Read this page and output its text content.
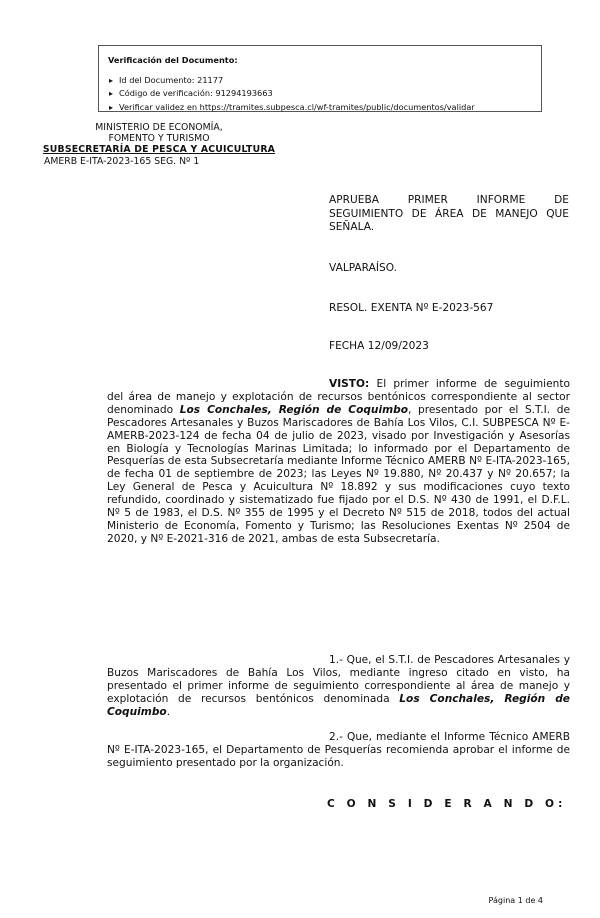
Verificación del Documento:
▸ Id del Documento: 21177
▸ Código de verificación: 91294193663
▸ Verificar validez en https://tramites.subpesca.cl/wf-tramites/public/documentos/validar
MINISTERIO DE ECONOMÍA,
FOMENTO Y TURISMO
SUBSECRETARÍA DE PESCA Y ACUICULTURA
AMERB E-ITA-2023-165 SEG. Nº 1
APRUEBA PRIMER INFORME DE SEGUIMIENTO DE ÁREA DE MANEJO QUE SEÑALA.
VALPARAÍSO.
RESOL. EXENTA Nº E-2023-567
FECHA 12/09/2023
VISTO: El primer informe de seguimiento del área de manejo y explotación de recursos bentónicos correspondiente al sector denominado Los Conchales, Región de Coquimbo, presentado por el S.T.I. de Pescadores Artesanales y Buzos Mariscadores de Bahía Los Vilos, C.I. SUBPESCA Nº E-AMERB-2023-124 de fecha 04 de julio de 2023, visado por Investigación y Asesorías en Biología y Tecnologías Marinas Limitada; lo informado por el Departamento de Pesquerías de esta Subsecretaría mediante Informe Técnico AMERB Nº E-ITA-2023-165, de fecha 01 de septiembre de 2023; las Leyes Nº 19.880, Nº 20.437 y Nº 20.657; la Ley General de Pesca y Acuicultura Nº 18.892 y sus modificaciones cuyo texto refundido, coordinado y sistematizado fue fijado por el D.S. Nº 430 de 1991, el D.F.L. Nº 5 de 1983, el D.S. Nº 355 de 1995 y el Decreto Nº 515 de 2018, todos del actual Ministerio de Economía, Fomento y Turismo; las Resoluciones Exentas Nº 2504 de 2020, y Nº E-2021-316 de 2021, ambas de esta Subsecretaría.
C O N S I D E R A N D O:
1.- Que, el S.T.I. de Pescadores Artesanales y Buzos Mariscadores de Bahía Los Vilos, mediante ingreso citado en visto, ha presentado el primer informe de seguimiento correspondiente al área de manejo y explotación de recursos bentónicos denominada Los Conchales, Región de Coquimbo.
2.- Que, mediante el Informe Técnico AMERB Nº E-ITA-2023-165, el Departamento de Pesquerías recomienda aprobar el informe de seguimiento presentado por la organización.
Página 1 de 4
